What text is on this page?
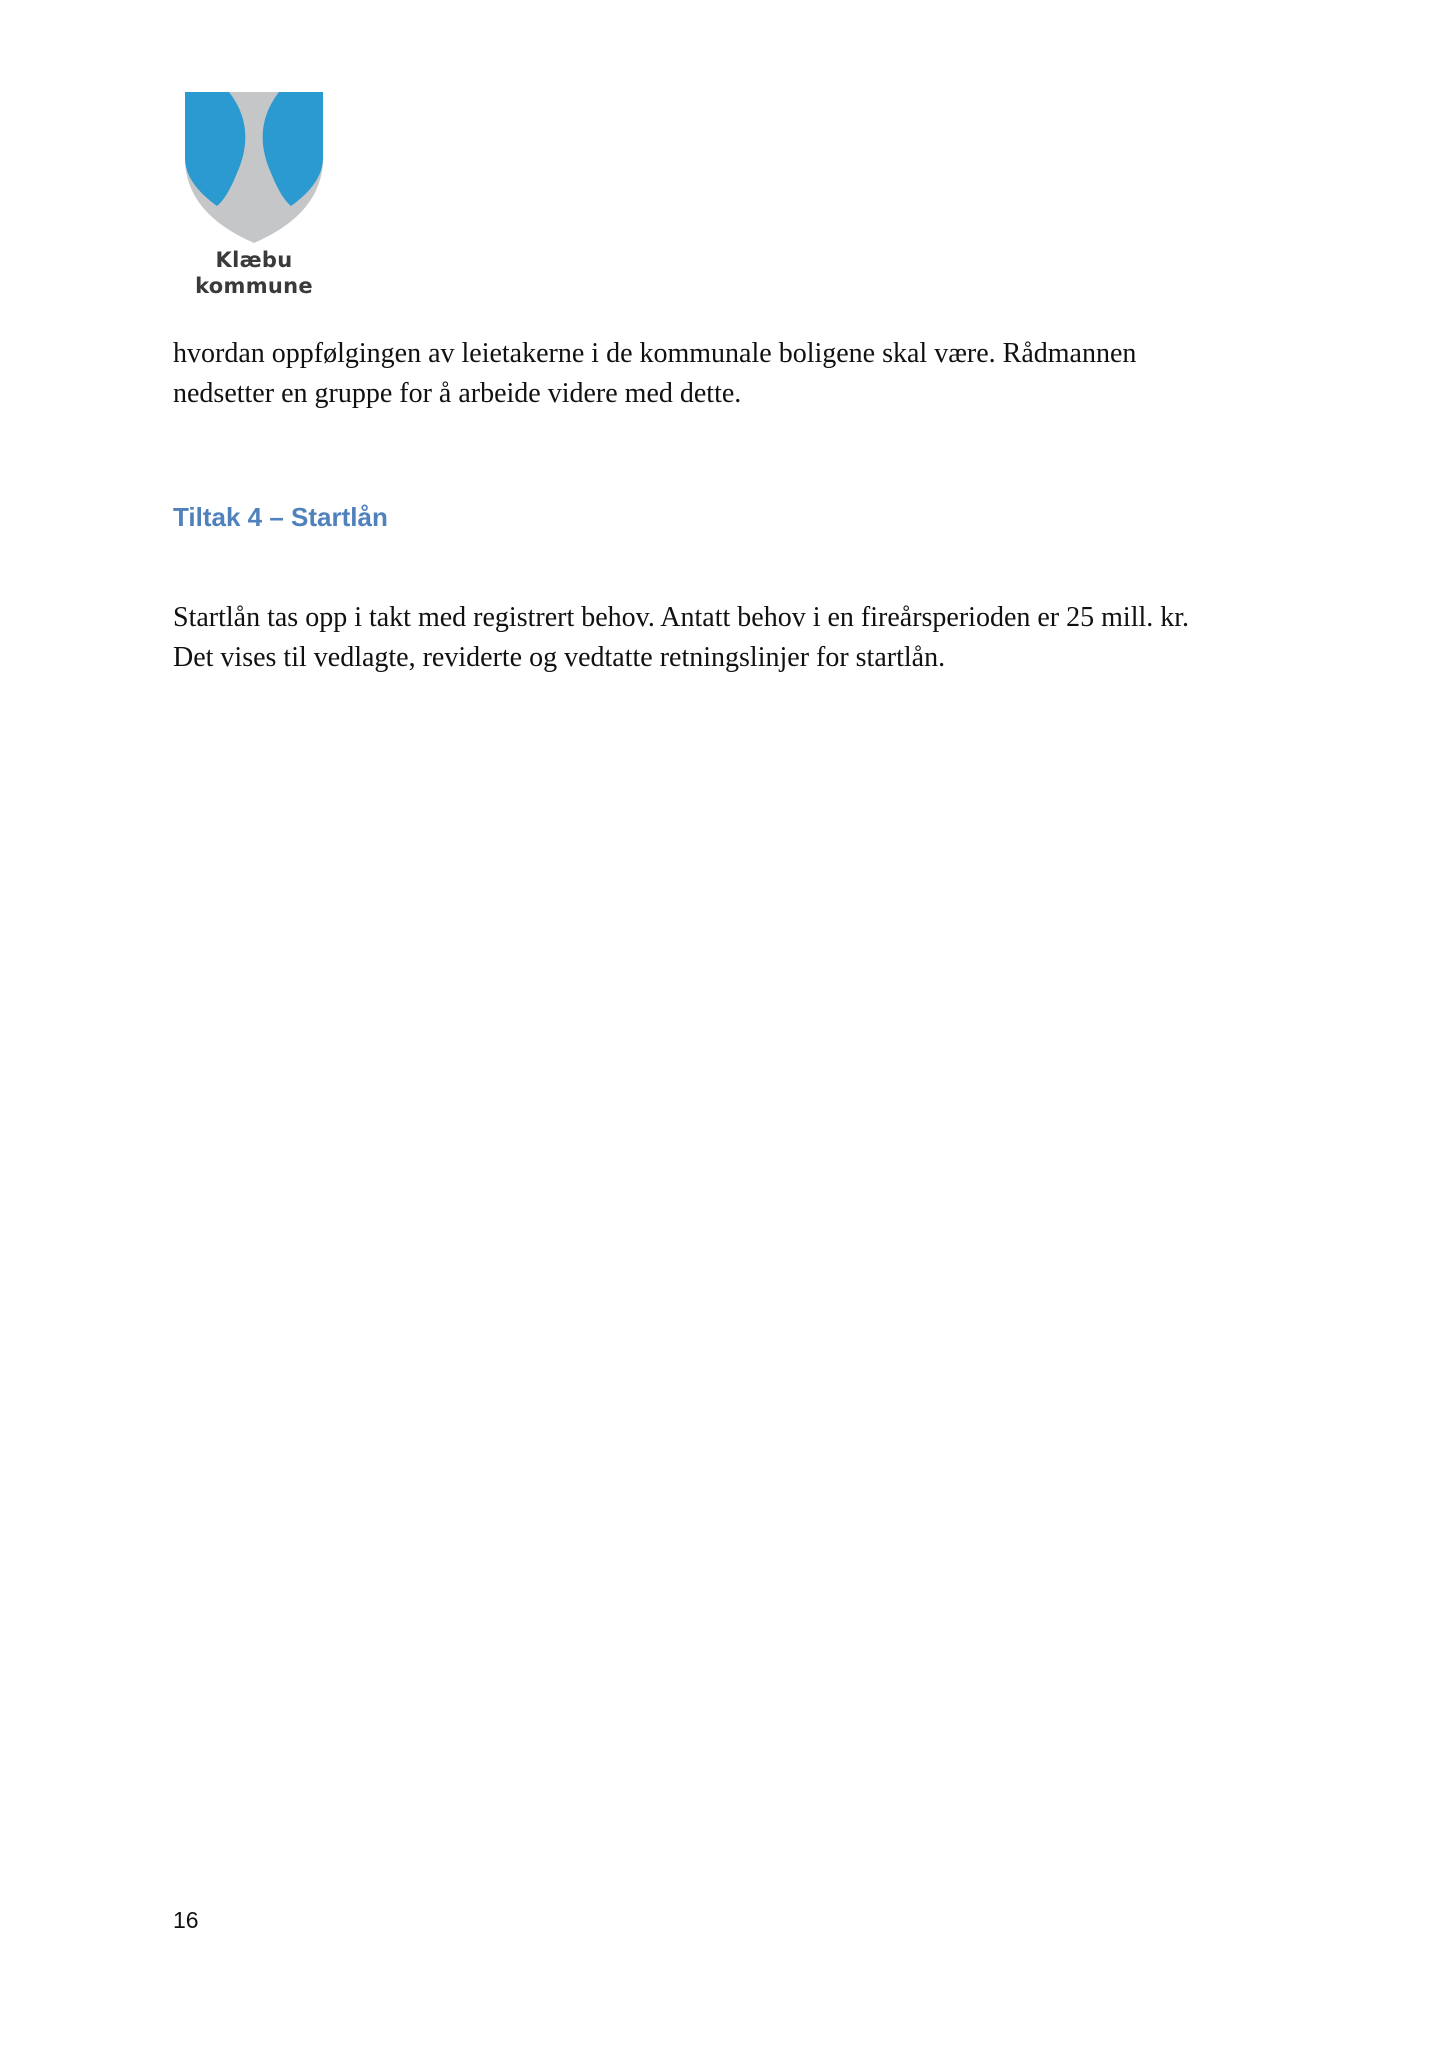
Klæbu
kommune

hvordan oppfølgingen av leietakerne i de kommunale boligene skal være. Rådmannen
nedsetter en gruppe for å arbeide videre med dette.

Tiltak 4 – Startlån

Startlån tas opp i takt med registrert behov. Antatt behov i en fireårsperioden er 25 mill. kr.
Det vises til vedlagte, reviderte og vedtatte retningslinjer for startlån.

16
